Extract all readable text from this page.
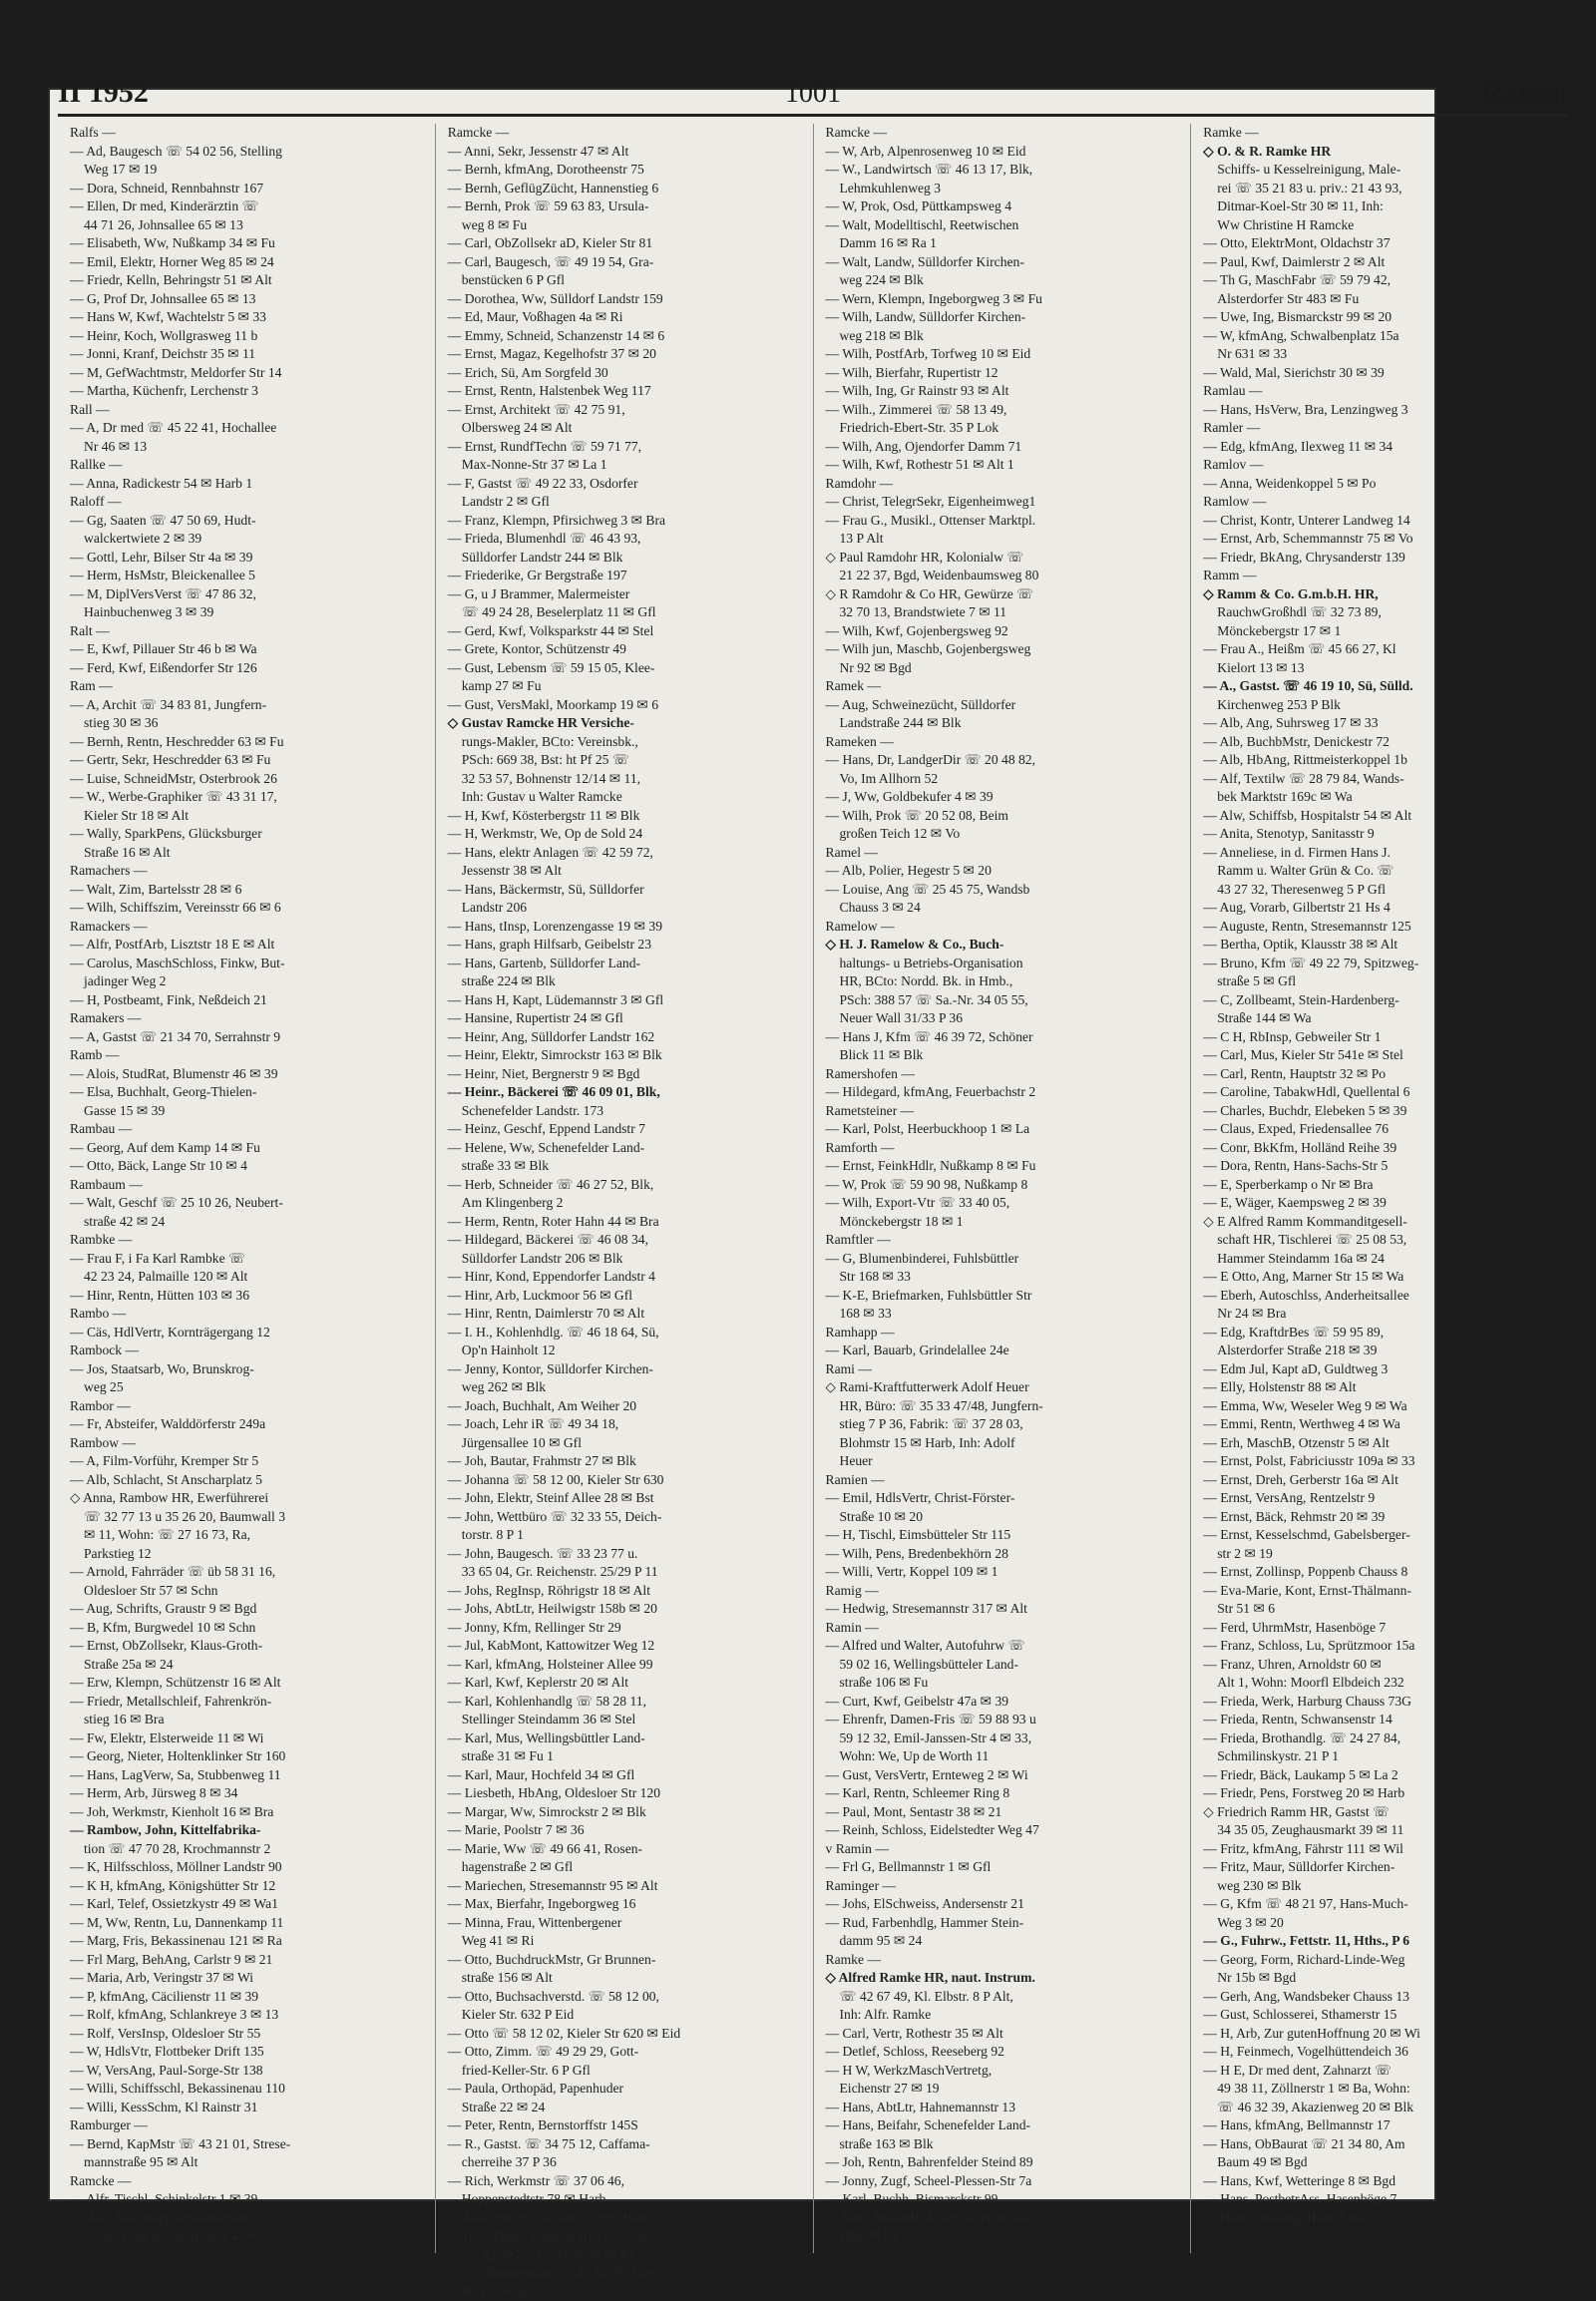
II 1952	1001	Ramm
Ralfs —
— Ad, Baugesch ☏ 54 02 56, Stelling
Weg 17 ✉ 19
— Dora, Schneid, Rennbahnstr 167
— Ellen, Dr med, Kinderärztin ☏
44 71 26, Johnsallee 65 ✉ 13
— Elisabeth, Ww, Nußkamp 34 ✉ Fu
— Emil, Elektr, Horner Weg 85 ✉ 24
— Friedr, Kelln, Behringstr 51 ✉ Alt
— G, Prof Dr, Johnsallee 65 ✉ 13
— Hans W, Kwf, Wachtelstr 5 ✉ 33
— Heinr, Koch, Wollgrasweg 11 b
— Jonni, Kranf, Deichstr 35 ✉ 11
— M, GefWachtmstr, Meldorfer Str 14
— Martha, Küchenfr, Lerchenstr 3
Rall —
— A, Dr med ☏ 45 22 41, Hochallee
Nr 46 ✉ 13
Rallke —
— Anna, Radickestr 54 ✉ Harb 1
Raloff —
— Gg, Saaten ☏ 47 50 69, Hudt-
walckertwiete 2 ✉ 39
— Gottl, Lehr, Bilser Str 4a ✉ 39
— Herm, HsMstr, Bleickenallee 5
— M, DiplVersVerst ☏ 47 86 32,
Hainbuchenweg 3 ✉ 39
Ralt —
— E, Kwf, Pillauer Str 46 b ✉ Wa
— Ferd, Kwf, Eißendorfer Str 126
Ram —
— A, Archit ☏ 34 83 81, Jungfern-
stieg 30 ✉ 36
— Bernh, Rentn, Heschredder 63 ✉ Fu
— Gertr, Sekr, Heschredder 63 ✉ Fu
— Luise, SchneidMstr, Osterbrook 26
— W., Werbe-Graphiker ☏ 43 31 17,
Kieler Str 18 ✉ Alt
— Wally, SparkPens, Glücksburger
Straße 16 ✉ Alt
Ramachers —
— Walt, Zim, Bartelsstr 28 ✉ 6
— Wilh, Schiffszim, Vereinsstr 66 ✉ 6
Ramackers —
— Alfr, PostfArb, Lisztstr 18 E ✉ Alt
— Carolus, MaschSchloss, Finkw, But-
jadinger Weg 2
— H, Postbeamt, Fink, Neßdeich 21
Ramakers —
— A, Gastst ☏ 21 34 70, Serrahnstr 9
Ramb —
— Alois, StudRat, Blumenstr 46 ✉ 39
— Elsa, Buchhalt, Georg-Thielen-
Gasse 15 ✉ 39
Rambau —
— Georg, Auf dem Kamp 14 ✉ Fu
— Otto, Bäck, Lange Str 10 ✉ 4
Rambaum —
— Walt, Geschf ☏ 25 10 26, Neubert-
straße 42 ✉ 24
Rambke —
— Frau F, i Fa Karl Rambke ☏
42 23 24, Palmaille 120 ✉ Alt
— Hinr, Rentn, Hütten 103 ✉ 36
Rambo —
— Cäs, HdlVertr, Kornträgergang 12
Rambock —
— Jos, Staatsarb, Wo, Brunskrog-
weg 25
Rambor —
— Fr, Absteifer, Walddörferstr 249a
Rambow —
— A, Film-Vorführ, Kremper Str 5
— Alb, Schlacht, St Anscharplatz 5
◇ Anna, Rambow HR, Ewerführerei
☏ 32 77 13 u 35 26 20, Baumwall 3
✉ 11, Wohn: ☏ 27 16 73, Ra,
Parkstieg 12
— Arnold, Fahrräder ☏ üb 58 31 16,
Oldesloer Str 57 ✉ Schn
— Aug, Schrifts, Graustr 9 ✉ Bgd
— B, Kfm, Burgwedel 10 ✉ Schn
— Ernst, ObZollsekr, Klaus-Groth-
Straße 25a ✉ 24
— Erw, Klempn, Schützenstr 16 ✉ Alt
— Friedr, Metallschleif, Fahrenkrön-
stieg 16 ✉ Bra
— Fw, Elektr, Elsterweide 11 ✉ Wi
— Georg, Nieter, Holtenklinker Str 160
— Hans, LagVerw, Sa, Stubbenweg 11
— Herm, Arb, Jürsweg 8 ✉ 34
— Joh, Werkmstr, Kienholt 16 ✉ Bra
— Rambow, John, Kittelfabrika-
tion ☏ 47 70 28, Krochmannstr 2
— K, Hilfsschloss, Möllner Landstr 90
— K H, kfmAng, Königshütter Str 12
— Karl, Telef, Ossietzkystr 49 ✉ Wa1
— M, Ww, Rentn, Lu, Dannenkamp 11
— Marg, Fris, Bekassinenau 121 ✉ Ra
— Frl Marg, BehAng, Carlstr 9 ✉ 21
— Maria, Arb, Veringstr 37 ✉ Wi
— P, kfmAng, Cäcilienstr 11 ✉ 39
— Rolf, kfmAng, Schlankreye 3 ✉ 13
— Rolf, VersInsp, Oldesloer Str 55
— W, HdlsVtr, Flottbeker Drift 135
— W, VersAng, Paul-Sorge-Str 138
— Willi, Schiffsschl, Bekassinenau 110
— Willi, KessSchm, Kl Rainstr 31
Ramburger —
— Bernd, KapMstr ☏ 43 21 01, Strese-
mannstraße 95 ✉ Alt
Ramcke —
— Alfr, Tischl, Schinkelstr 1 ✉ 39
— Alfr, Stadtinsp, Schwansenstr 8
— Anna, Lehr iR, Heilwigstr 42 ✉ 20
Ramcke —
— Anni, Sekr, Jessenstr 47 ✉ Alt
— Bernh, kfmAng, Dorotheenstr 75
— Bernh, GeflügZücht, Hannenstieg 6
— Bernh, Prok ☏ 59 63 83, Ursula-
weg 8 ✉ Fu
— Carl, ObZollsekr aD, Kieler Str 81
— Carl, Baugesch, ☏ 49 19 54, Gra-
benstücken 6 P Gfl
— Dorothea, Ww, Sülldorf Landstr 159
— Ed, Maur, Voßhagen 4a ✉ Ri
— Emmy, Schneid, Schanzenstr 14 ✉ 6
— Ernst, Magaz, Kegelhofstr 37 ✉ 20
— Erich, Sü, Am Sorgfeld 30
— Ernst, Rentn, Halstenbek Weg 117
— Ernst, Architekt ☏ 42 75 91,
Olbersweg 24 ✉ Alt
— Ernst, RundfTechn ☏ 59 71 77,
Max-Nonne-Str 37 ✉ La 1
— F, Gastst ☏ 49 22 33, Osdorfer
Landstr 2 ✉ Gfl
— Franz, Klempn, Pfirsichweg 3 ✉ Bra
— Frieda, Blumenhdl ☏ 46 43 93,
Sülldorfer Landstr 244 ✉ Blk
— Friederike, Gr Bergstraße 197
— G, u J Brammer, Malermeister
☏ 49 24 28, Beselerplatz 11 ✉ Gfl
— Gerd, Kwf, Volksparkstr 44 ✉ Stel
— Grete, Kontor, Schützenstr 49
— Gust, Lebensm ☏ 59 15 05, Klee-
kamp 27 ✉ Fu
— Gust, VersMakl, Moorkamp 19 ✉ 6
◇ Gustav Ramcke HR Versiche-
rungs-Makler, BCto: Vereinsbk.,
PSch: 669 38, Bst: ht Pf 25 ☏
32 53 57, Bohnenstr 12/14 ✉ 11,
Inh: Gustav u Walter Ramcke
— H, Kwf, Kösterbergstr 11 ✉ Blk
— H, Werkmstr, We, Op de Sold 24
— Hans, elektr Anlagen ☏ 42 59 72,
Jessenstr 38 ✉ Alt
— Hans, Bäckermstr, Sü, Sülldorfer
Landstr 206
— Hans, tInsp, Lorenzengasse 19 ✉ 39
— Hans, graph Hilfsarb, Geibelstr 23
— Hans, Gartenb, Sülldorfer Land-
straße 224 ✉ Blk
— Hans H, Kapt, Lüdemannstr 3 ✉ Gfl
— Hansine, Rupertistr 24 ✉ Gfl
— Heinr, Ang, Sülldorfer Landstr 162
— Heinr, Elektr, Simrockstr 163 ✉ Blk
— Heinr, Niet, Bergnerstr 9 ✉ Bgd
— Heinr., Bäckerei ☏ 46 09 01, Blk,
Schenefelder Landstr. 173
— Heinz, Geschf, Eppend Landstr 7
— Helene, Ww, Schenefelder Land-
straße 33 ✉ Blk
— Herb, Schneider ☏ 46 27 52, Blk,
Am Klingenberg 2
— Herm, Rentn, Roter Hahn 44 ✉ Bra
— Hildegard, Bäckerei ☏ 46 08 34,
Sülldorfer Landstr 206 ✉ Blk
— Hinr, Kond, Eppendorfer Landstr 4
— Hinr, Arb, Luckmoor 56 ✉ Gfl
— Hinr, Rentn, Daimlerstr 70 ✉ Alt
— I. H., Kohlenhdlg. ☏ 46 18 64, Sü,
Op'n Hainholt 12
— Jenny, Kontor, Sülldorfer Kirchen-
weg 262 ✉ Blk
— Joach, Buchhalt, Am Weiher 20
— Joach, Lehr iR ☏ 49 34 18,
Jürgensallee 10 ✉ Gfl
— Joh, Bautar, Frahmstr 27 ✉ Blk
— Johanna ☏ 58 12 00, Kieler Str 630
— John, Elektr, Steinf Allee 28 ✉ Bst
— John, Wettbüro ☏ 32 33 55, Deich-
torstr. 8 P 1
— John, Baugesch. ☏ 33 23 77 u.
33 65 04, Gr. Reichenstr. 25/29 P 11
— Johs, RegInsp, Röhrigstr 18 ✉ Alt
— Johs, AbtLtr, Heilwigstr 158b ✉ 20
— Jonny, Kfm, Rellinger Str 29
— Jul, KabMont, Kattowitzer Weg 12
— Karl, kfmAng, Holsteiner Allee 99
— Karl, Kwf, Keplerstr 20 ✉ Alt
— Karl, Kohlenhandlg ☏ 58 28 11,
Stellinger Steindamm 36 ✉ Stel
— Karl, Mus, Wellingsbüttler Land-
straße 31 ✉ Fu 1
— Karl, Maur, Hochfeld 34 ✉ Gfl
— Liesbeth, HbAng, Oldesloer Str 120
— Margar, Ww, Simrockstr 2 ✉ Blk
— Marie, Poolstr 7 ✉ 36
— Marie, Ww ☏ 49 66 41, Rosen-
hagenstraße 2 ✉ Gfl
— Mariechen, Stresemannstr 95 ✉ Alt
— Max, Bierfahr, Ingeborgweg 16
— Minna, Frau, Wittenbergener
Weg 41 ✉ Ri
— Otto, BuchdruckMstr, Gr Brunnen-
straße 156 ✉ Alt
— Otto, Buchsachverstd. ☏ 58 12 00,
Kieler Str. 632 P Eid
— Otto ☏ 58 12 02, Kieler Str 620 ✉ Eid
— Otto, Zimm. ☏ 49 29 29, Gott-
fried-Keller-Str. 6 P Gfl
— Paula, Orthopäd, Papenhuder
Straße 22 ✉ 24
— Peter, Rentn, Bernstorffstr 145S
— R., Gastst. ☏ 34 75 12, Caffama-
cherreihe 37 P 36
— Rich, Werkmstr ☏ 37 06 46,
Hoppenstedtstr 78 ✉ Harb
— Rud, Stellm, Gerade Str 9 ✉ Harb
◇ T. W. Henry Ramcke HR, El.-Anl.
☏ 42 59 72, Jessenstr 38 ✉ Alt
— Th, Brunnenbau ☏ 42 86 69, Allee
Nr 138 ✉ Alt
Ramcke —
— W, Arb, Alpenrosenweg 10 ✉ Eid
— W., Landwirtsch ☏ 46 13 17, Blk,
Lehmkuhlenweg 3
— W, Prok, Osd, Püttkampsweg 4
— Walt, Modelltischl, Reetwischen
Damm 16 ✉ Ra 1
— Walt, Landw, Sülldorfer Kirchen-
weg 224 ✉ Blk
— Wern, Klempn, Ingeborgweg 3 ✉ Fu
— Wilh, Landw, Sülldorfer Kirchen-
weg 218 ✉ Blk
— Wilh, PostfArb, Torfweg 10 ✉ Eid
— Wilh, Bierfahr, Rupertistr 12
— Wilh, Ing, Gr Rainstr 93 ✉ Alt
— Wilh., Zimmerei ☏ 58 13 49,
Friedrich-Ebert-Str. 35 P Lok
— Wilh, Ang, Ojendorfer Damm 71
— Wilh, Kwf, Rothestr 51 ✉ Alt 1
Ramdohr —
— Christ, TelegrSekr, Eigenheimweg1
— Frau G., Musikl., Ottenser Marktpl.
13 P Alt
◇ Paul Ramdohr HR, Kolonialw ☏
21 22 37, Bgd, Weidenbaumsweg 80
◇ R Ramdohr & Co HR, Gewürze ☏
32 70 13, Brandstwiete 7 ✉ 11
— Wilh, Kwf, Gojenbergsweg 92
— Wilh jun, Maschb, Gojenbergsweg
Nr 92 ✉ Bgd
Ramek —
— Aug, Schweinezücht, Sülldorfer
Landstraße 244 ✉ Blk
Rameken —
— Hans, Dr, LandgerDir ☏ 20 48 82,
Vo, Im Allhorn 52
— J, Ww, Goldbekufer 4 ✉ 39
— Wilh, Prok ☏ 20 52 08, Beim
großen Teich 12 ✉ Vo
Ramel —
— Alb, Polier, Hegestr 5 ✉ 20
— Louise, Ang ☏ 25 45 75, Wandsb
Chauss 3 ✉ 24
Ramelow —
◇ H. J. Ramelow & Co., Buch-
haltungs- u Betriebs-Organisation
HR, BCto: Nordd. Bk. in Hmb.,
PSch: 388 57 ☏ Sa.-Nr. 34 05 55,
Neuer Wall 31/33 P 36
— Hans J, Kfm ☏ 46 39 72, Schöner
Blick 11 ✉ Blk
Ramershofen —
— Hildegard, kfmAng, Feuerbachstr 2
Rametsteiner —
— Karl, Polst, Heerbuckhoop 1 ✉ La
Ramforth —
— Ernst, FeinkHdlr, Nußkamp 8 ✉ Fu
— W, Prok ☏ 59 90 98, Nußkamp 8
— Wilh, Export-Vtr ☏ 33 40 05,
Mönckebergstr 18 ✉ 1
Ramftler —
— G, Blumenbinderei, Fuhlsbüttler
Str 168 ✉ 33
— K-E, Briefmarken, Fuhlsbüttler Str
168 ✉ 33
Ramhapp —
— Karl, Bauarb, Grindelallee 24e
Rami —
◇ Rami-Kraftfutterwerk Adolf Heuer
HR, Büro: ☏ 35 33 47/48, Jungfern-
stieg 7 P 36, Fabrik: ☏ 37 28 03,
Blohmstr 15 ✉ Harb, Inh: Adolf
Heuer
Ramien —
— Emil, HdlsVertr, Christ-Förster-
Straße 10 ✉ 20
— H, Tischl, Eimsbütteler Str 115
— Wilh, Pens, Bredenbekhörn 28
— Willi, Vertr, Koppel 109 ✉ 1
Ramig —
— Hedwig, Stresemannstr 317 ✉ Alt
Ramin —
— Alfred und Walter, Autofuhrw ☏
59 02 16, Wellingsbütteler Land-
straße 106 ✉ Fu
— Curt, Kwf, Geibelstr 47a ✉ 39
— Ehrenfr, Damen-Fris ☏ 59 88 93 u
59 12 32, Emil-Janssen-Str 4 ✉ 33,
Wohn: We, Up de Worth 11
— Gust, VersVertr, Ernteweg 2 ✉ Wi
— Karl, Rentn, Schleemer Ring 8
— Paul, Mont, Sentastr 38 ✉ 21
— Reinh, Schloss, Eidelstedter Weg 47
v Ramin —
— Frl G, Bellmannstr 1 ✉ Gfl
Raminger —
— Johs, ElSchweiss, Andersenstr 21
— Rud, Farbenhdlg, Hammer Stein-
damm 95 ✉ 24
Ramke —
◇ Alfred Ramke HR, naut. Instrum.
☏ 42 67 49, Kl. Elbstr. 8 P Alt,
Inh: Alfr. Ramke
— Carl, Vertr, Rothestr 35 ✉ Alt
— Detlef, Schloss, Reeseberg 92
— H W, WerkzMaschVertretg,
Eichenstr 27 ✉ 19
— Hans, AbtLtr, Hahnemannstr 13
— Hans, Beifahr, Schenefelder Land-
straße 163 ✉ Blk
— Joh, Rentn, Bahrenfelder Steind 89
— Jonny, Zugf, Scheel-Plessen-Str 7a
— Karl, Buchh, Bismarckstr 99
— Kurt, MaschB, Alsterdorfer Str 483
Hths ✉ Fu
Ramke —
◇ O. & R. Ramke HR
Schiffs- u Kesselreinigung, Male-
rei ☏ 35 21 83 u. priv.: 21 43 93,
Ditmar-Koel-Str 30 ✉ 11, Inh:
Ww Christine H Ramcke
— Otto, ElektrMont, Oldachstr 37
— Paul, Kwf, Daimlerstr 2 ✉ Alt
— Th G, MaschFabr ☏ 59 79 42,
Alsterdorfer Str 483 ✉ Fu
— Uwe, Ing, Bismarckstr 99 ✉ 20
— W, kfmAng, Schwalbenplatz 15a
Nr 631 ✉ 33
— Wald, Mal, Sierichstr 30 ✉ 39
Ramlau —
— Hans, HsVerw, Bra, Lenzingweg 3
Ramler —
— Edg, kfmAng, Ilexweg 11 ✉ 34
Ramlov —
— Anna, Weidenkoppel 5 ✉ Po
Ramlow —
— Christ, Kontr, Unterer Landweg 14
— Ernst, Arb, Schemmannstr 75 ✉ Vo
— Friedr, BkAng, Chrysanderstr 139
Ramm —
◇ Ramm & Co. G.m.b.H. HR,
RauchwGroßhdl ☏ 32 73 89,
Mönckebergstr 17 ✉ 1
— Frau A., Heißm ☏ 45 66 27, Kl
Kielort 13 ✉ 13
— A., Gastst. ☏ 46 19 10, Sü, Sülld.
Kirchenweg 253 P Blk
— Alb, Ang, Suhrsweg 17 ✉ 33
— Alb, BuchbMstr, Denickestr 72
— Alb, HbAng, Rittmeisterkoppel 1b
— Alf, Textilw ☏ 28 79 84, Wands-
bek Marktstr 169c ✉ Wa
— Alw, Schiffsb, Hospitalstr 54 ✉ Alt
— Anita, Stenotyp, Sanitasstr 9
— Anneliese, in d. Firmen Hans J.
Ramm u. Walter Grün & Co. ☏
43 27 32, Theresenweg 5 P Gfl
— Aug, Vorarb, Gilbertstr 21 Hs 4
— Auguste, Rentn, Stresemannstr 125
— Bertha, Optik, Klausstr 38 ✉ Alt
— Bruno, Kfm ☏ 49 22 79, Spitzweg-
straße 5 ✉ Gfl
— C, Zollbeamt, Stein-Hardenberg-
Straße 144 ✉ Wa
— C H, RbInsp, Gebweiler Str 1
— Carl, Mus, Kieler Str 541e ✉ Stel
— Carl, Rentn, Hauptstr 32 ✉ Po
— Caroline, TabakwHdl, Quellental 6
— Charles, Buchdr, Elebeken 5 ✉ 39
— Claus, Exped, Friedensallee 76
— Conr, BkKfm, Holländ Reihe 39
— Dora, Rentn, Hans-Sachs-Str 5
— E, Sperberkamp o Nr ✉ Bra
— E, Wäger, Kaempsweg 2 ✉ 39
◇ E Alfred Ramm Kommanditgesell-
schaft HR, Tischlerei ☏ 25 08 53,
Hammer Steindamm 16a ✉ 24
— E Otto, Ang, Marner Str 15 ✉ Wa
— Eberh, Autoschlss, Anderheitsallee
Nr 24 ✉ Bra
— Edg, KraftdrBes ☏ 59 95 89,
Alsterdorfer Straße 218 ✉ 39
— Edm Jul, Kapt aD, Guldtweg 3
— Elly, Holstenstr 88 ✉ Alt
— Emma, Ww, Weseler Weg 9 ✉ Wa
— Emmi, Rentn, Werthweg 4 ✉ Wa
— Erh, MaschB, Otzenstr 5 ✉ Alt
— Ernst, Polst, Fabriciusstr 109a ✉ 33
— Ernst, Dreh, Gerberstr 16a ✉ Alt
— Ernst, VersAng, Rentzelstr 9
— Ernst, Bäck, Rehmstr 20 ✉ 39
— Ernst, Kesselschmd, Gabelsberger-
str 2 ✉ 19
— Ernst, Zollinsp, Poppenb Chauss 8
— Eva-Marie, Kont, Ernst-Thälmann-
Str 51 ✉ 6
— Ferd, UhrmMstr, Hasenböge 7
— Franz, Schloss, Lu, Sprützmoor 15a
— Franz, Uhren, Arnoldstr 60 ✉
Alt 1, Wohn: Moorfl Elbdeich 232
— Frieda, Werk, Harburg Chauss 73G
— Frieda, Rentn, Schwansenstr 14
— Frieda, Brothandlg. ☏ 24 27 84,
Schmilinskystr. 21 P 1
— Friedr, Bäck, Laukamp 5 ✉ La 2
— Friedr, Pens, Forstweg 20 ✉ Harb
◇ Friedrich Ramm HR, Gastst ☏
34 35 05, Zeughausmarkt 39 ✉ 11
— Fritz, kfmAng, Fährstr 111 ✉ Wil
— Fritz, Maur, Sülldorfer Kirchen-
weg 230 ✉ Blk
— G, Kfm ☏ 48 21 97, Hans-Much-
Weg 3 ✉ 20
— G., Fuhrw., Fettstr. 11, Hths., P 6
— Georg, Form, Richard-Linde-Weg
Nr 15b ✉ Bgd
— Gerh, Ang, Wandsbeker Chauss 13
— Gust, Schlosserei, Sthamerstr 15
— H, Arb, Zur gutenHoffnung 20 ✉ Wi
— H, Feinmech, Vogelhüttendeich 36
— H E, Dr med dent, Zahnarzt ☏
49 38 11, Zöllnerstr 1 ✉ Ba, Wohn:
☏ 46 32 39, Akazienweg 20 ✉ Blk
— Hans, kfmAng, Bellmannstr 17
— Hans, ObBaurat ☏ 21 34 80, Am
Baum 49 ✉ Bgd
— Hans, Kwf, Wetteringe 8 ✉ Bgd
— Hans, PostbetrAss, Hasenböge 7
— Hans, BehAng, Hohe Liedt 52
